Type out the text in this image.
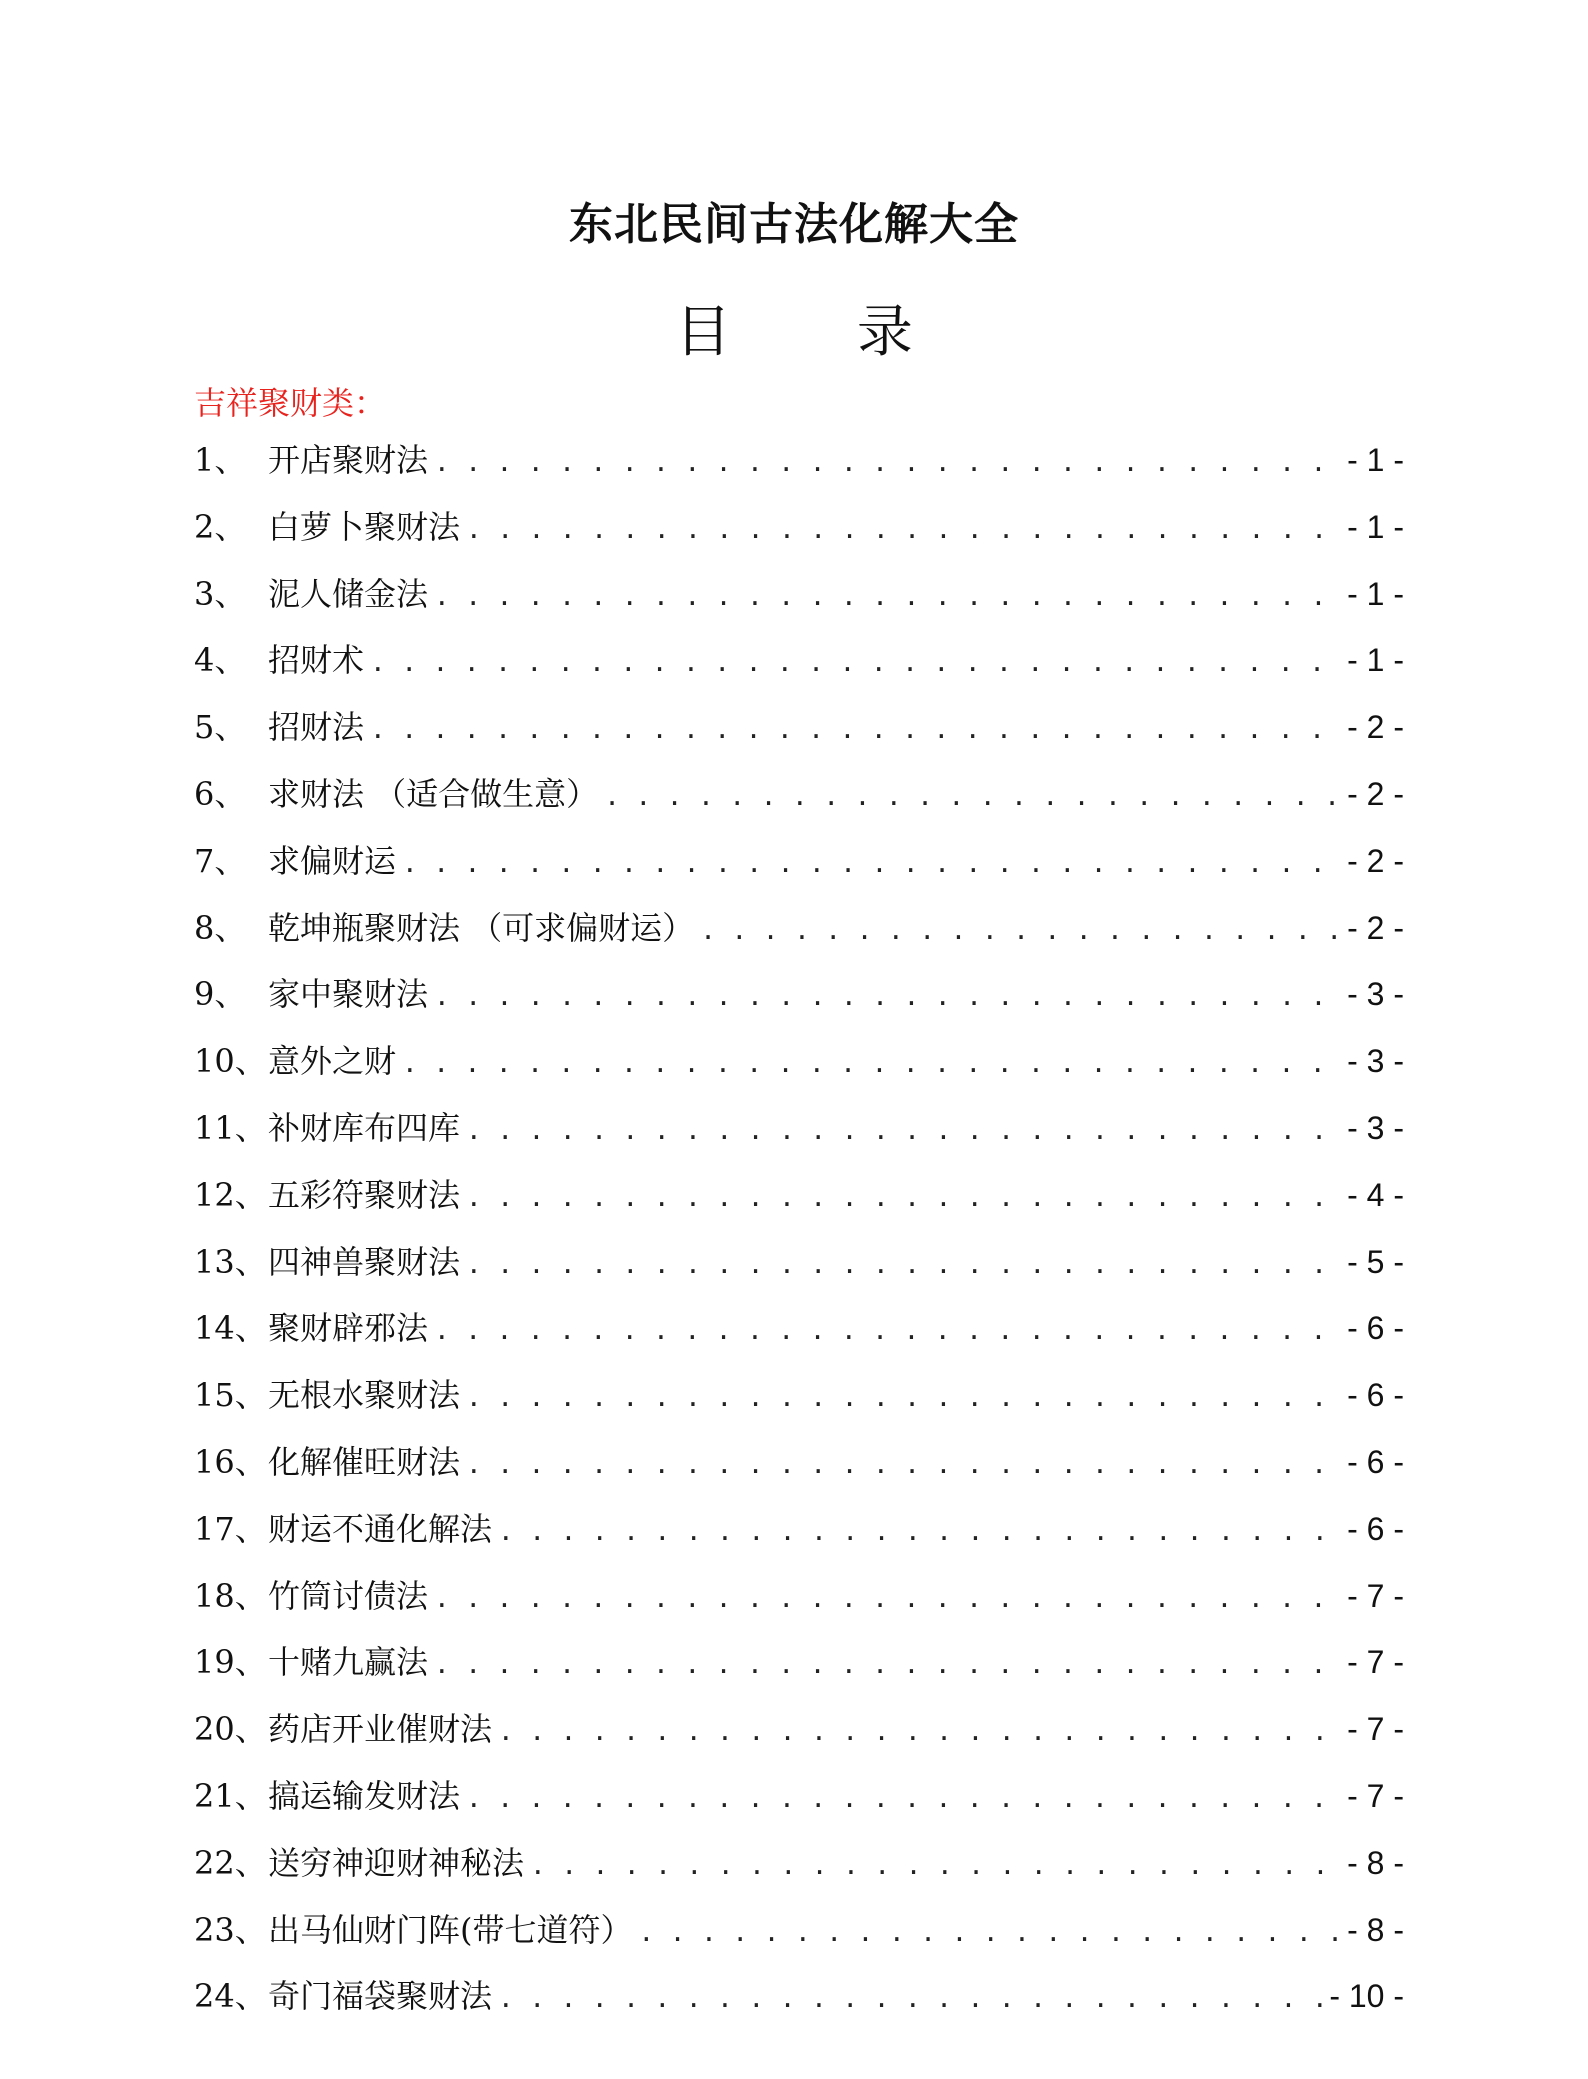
东北民间古法化解大全
目 录
吉祥聚财类：
1、 开店聚财法 . . .	- 1 -
2、 白萝卜聚财法 . . .	- 1 -
3、 泥人储金法 . . .	- 1 -
4、 招财术 . . .	- 1 -
5、 招财法 . . .	- 2 -
6、 求财法 （适合做生意） . . .	- 2 -
7、 求偏财运 . . .	- 2 -
8、 乾坤瓶聚财法 （可求偏财运） . . .	- 2 -
9、 家中聚财法 . . .	- 3 -
10、 意外之财 . . .	- 3 -
11、 补财库布四库 . . .	- 3 -
12、 五彩符聚财法 . . .	- 4 -
13、 四神兽聚财法 . . .	- 5 -
14、 聚财辟邪法 . . .	- 6 -
15、 无根水聚财法 . . .	- 6 -
16、 化解催旺财法 . . .	- 6 -
17、 财运不通化解法 . . .	- 6 -
18、 竹筒讨债法 . . .	- 7 -
19、 十赌九赢法 . . .	- 7 -
20、 药店开业催财法 . . .	- 7 -
21、 搞运输发财法 . . .	- 7 -
22、 送穷神迎财神秘法 . . .	- 8 -
23、 出马仙财门阵(带七道符） . . .	- 8 -
24、 奇门福袋聚财法 . . .	- 10 -
